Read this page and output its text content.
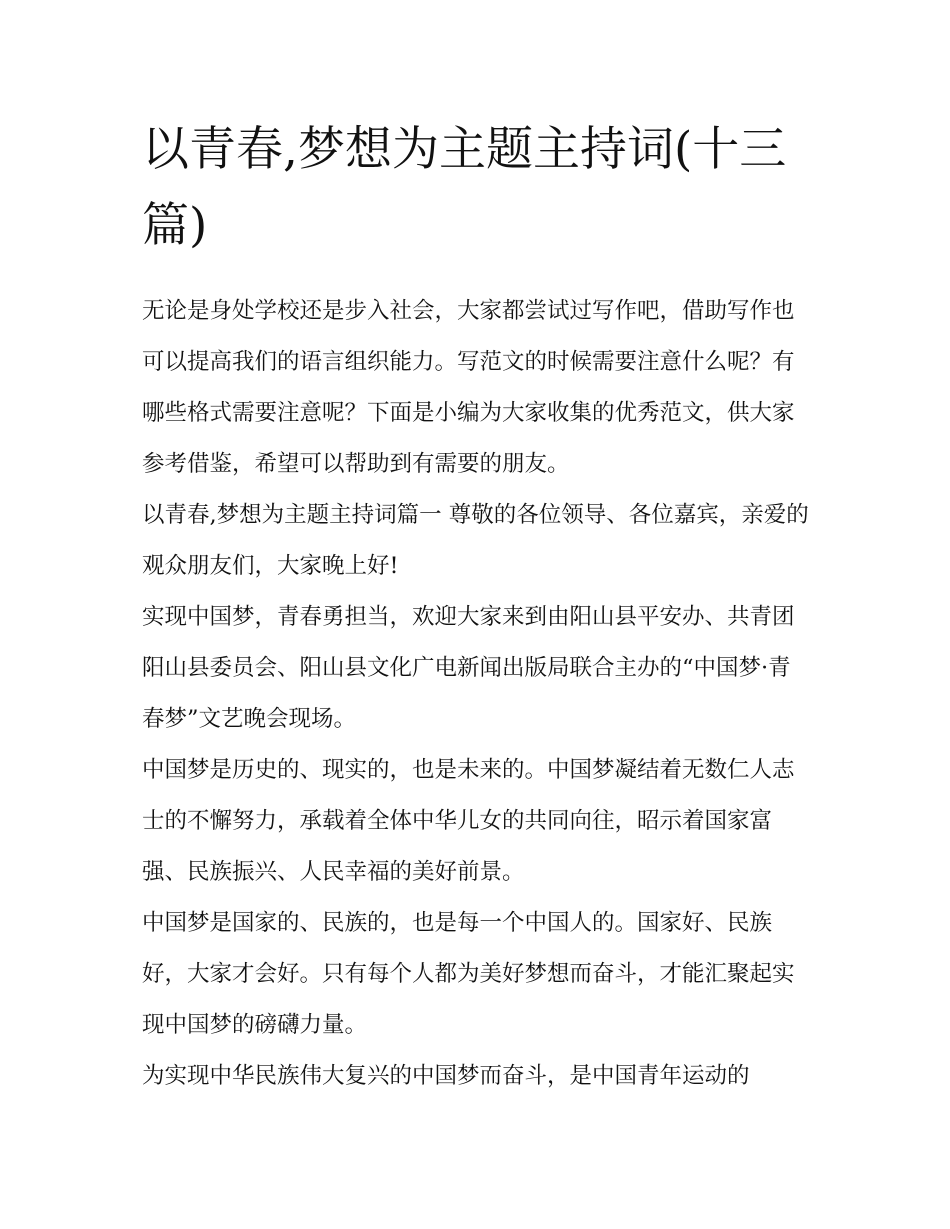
以青春,梦想为主题主持词(十三篇)

无论是身处学校还是步入社会，大家都尝试过写作吧，借助写作也可以提高我们的语言组织能力。写范文的时候需要注意什么呢？有哪些格式需要注意呢？下面是小编为大家收集的优秀范文，供大家参考借鉴，希望可以帮助到有需要的朋友。

以青春,梦想为主题主持词篇一 尊敬的各位领导、各位嘉宾，亲爱的观众朋友们，大家晚上好!

实现中国梦，青春勇担当，欢迎大家来到由阳山县平安办、共青团阳山县委员会、阳山县文化广电新闻出版局联合主办的“中国梦·青春梦”文艺晚会现场。

中国梦是历史的、现实的，也是未来的。中国梦凝结着无数仁人志士的不懈努力，承载着全体中华儿女的共同向往，昭示着国家富强、民族振兴、人民幸福的美好前景。

中国梦是国家的、民族的，也是每一个中国人的。国家好、民族好，大家才会好。只有每个人都为美好梦想而奋斗，才能汇聚起实现中国梦的磅礴力量。

为实现中华民族伟大复兴的中国梦而奋斗，是中国青年运动的
